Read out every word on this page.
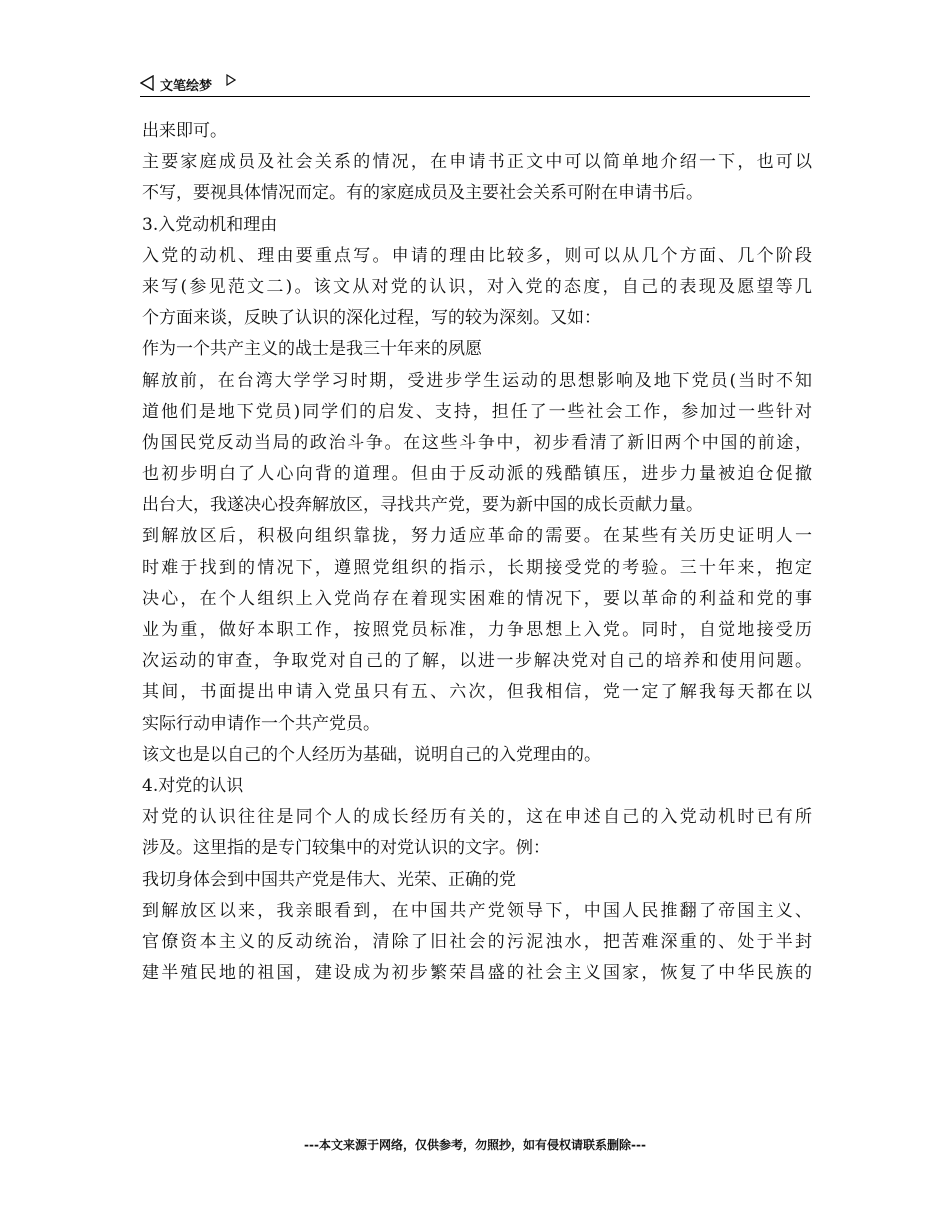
文笔绘梦
出来即可。
主要家庭成员及社会关系的情况，在申请书正文中可以简单地介绍一下，也可以
不写，要视具体情况而定。有的家庭成员及主要社会关系可附在申请书后。
3.入党动机和理由
入党的动机、理由要重点写。申请的理由比较多，则可以从几个方面、几个阶段
来写(参见范文二)。该文从对党的认识，对入党的态度，自己的表现及愿望等几
个方面来谈，反映了认识的深化过程，写的较为深刻。又如：
作为一个共产主义的战士是我三十年来的夙愿
解放前，在台湾大学学习时期，受进步学生运动的思想影响及地下党员(当时不知
道他们是地下党员)同学们的启发、支持，担任了一些社会工作，参加过一些针对
伪国民党反动当局的政治斗争。在这些斗争中，初步看清了新旧两个中国的前途，
也初步明白了人心向背的道理。但由于反动派的残酷镇压，进步力量被迫仓促撤
出台大，我遂决心投奔解放区，寻找共产党，要为新中国的成长贡献力量。
到解放区后，积极向组织靠拢，努力适应革命的需要。在某些有关历史证明人一
时难于找到的情况下，遵照党组织的指示，长期接受党的考验。三十年来，抱定
决心，在个人组织上入党尚存在着现实困难的情况下，要以革命的利益和党的事
业为重，做好本职工作，按照党员标准，力争思想上入党。同时，自觉地接受历
次运动的审查，争取党对自己的了解，以进一步解决党对自己的培养和使用问题。
其间，书面提出申请入党虽只有五、六次，但我相信，党一定了解我每天都在以
实际行动申请作一个共产党员。
该文也是以自己的个人经历为基础，说明自己的入党理由的。
4.对党的认识
对党的认识往往是同个人的成长经历有关的，这在申述自己的入党动机时已有所
涉及。这里指的是专门较集中的对党认识的文字。例：
我切身体会到中国共产党是伟大、光荣、正确的党
到解放区以来，我亲眼看到，在中国共产党领导下，中国人民推翻了帝国主义、
官僚资本主义的反动统治，清除了旧社会的污泥浊水，把苦难深重的、处于半封
建半殖民地的祖国，建设成为初步繁荣昌盛的社会主义国家，恢复了中华民族的
---本文来源于网络，仅供参考，勿照抄，如有侵权请联系删除---
